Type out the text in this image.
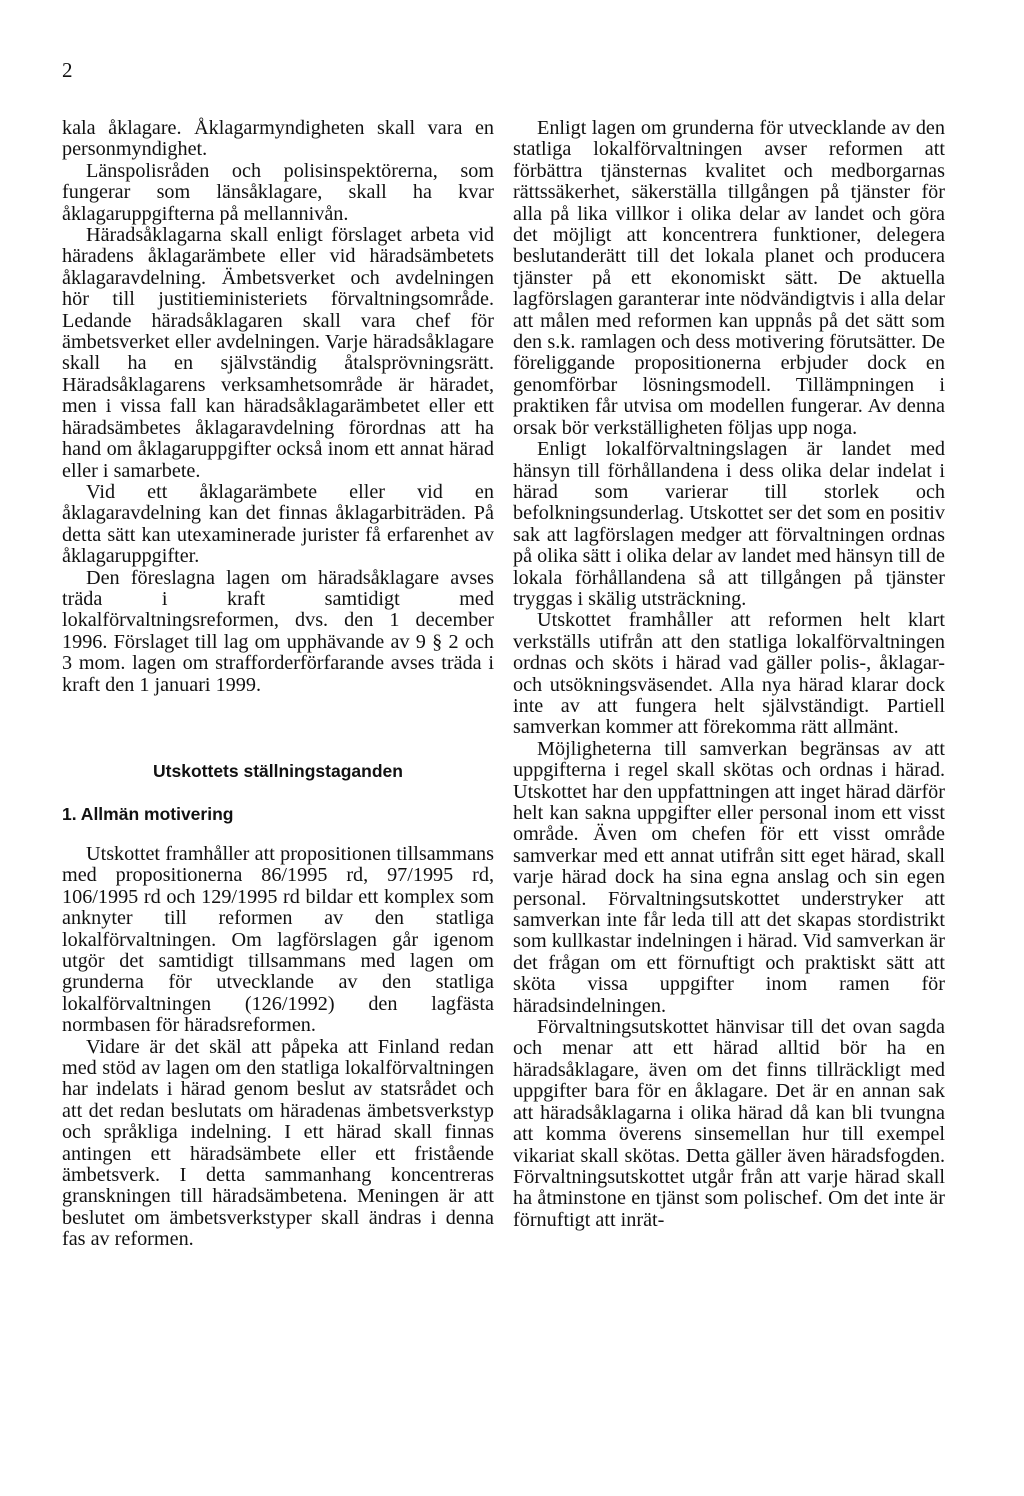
2

kala åklagare. Åklagarmyndigheten skall vara en personmyndighet.

Länspolisråden och polisinspektörerna, som fungerar som länsåklagare, skall ha kvar åklagaruppgifterna på mellannivån.

Häradsåklagarna skall enligt förslaget arbeta vid häradens åklagarämbete eller vid häradsämbetets åklagaravdelning. Ämbetsverket och avdelningen hör till justitieministeriets förvaltningsområde. Ledande häradsåklagaren skall vara chef för ämbetsverket eller avdelningen. Varje häradsåklagare skall ha en självständig åtalsprövningsrätt. Häradsåklagarens verksamhetsområde är häradet, men i vissa fall kan häradsåklagarämbetet eller ett häradsämbetes åklagaravdelning förordnas att ha hand om åklagaruppgifter också inom ett annat härad eller i samarbete.

Vid ett åklagarämbete eller vid en åklagaravdelning kan det finnas åklagarbiträden. På detta sätt kan utexaminerade jurister få erfarenhet av åklagaruppgifter.

Den föreslagna lagen om häradsåklagare avses träda i kraft samtidigt med lokalförvaltningsreformen, dvs. den 1 december 1996. Förslaget till lag om upphävande av 9 § 2 och 3 mom. lagen om strafforderförfarande avses träda i kraft den 1 januari 1999.

Utskottets ställningstaganden
1. Allmän motivering

Utskottet framhåller att propositionen tillsammans med propositionerna 86/1995 rd, 97/1995 rd, 106/1995 rd och 129/1995 rd bildar ett komplex som anknyter till reformen av den statliga lokalförvaltningen. Om lagförslagen går igenom utgör det samtidigt tillsammans med lagen om grunderna för utvecklande av den statliga lokalförvaltningen (126/1992) den lagfästa normbasen för häradsreformen.

Vidare är det skäl att påpeka att Finland redan med stöd av lagen om den statliga lokalförvaltningen har indelats i härad genom beslut av statsrådet och att det redan beslutats om häradenas ämbetsverkstyp och språkliga indelning. I ett härad skall finnas antingen ett häradsämbete eller ett fristående ämbetsverk. I detta sammanhang koncentreras granskningen till häradsämbetena. Meningen är att beslutet om ämbetsverkstyper skall ändras i denna fas av reformen.

Enligt lagen om grunderna för utvecklande av den statliga lokalförvaltningen avser reformen att förbättra tjänsternas kvalitet och medborgarnas rättssäkerhet, säkerställa tillgången på tjänster för alla på lika villkor i olika delar av landet och göra det möjligt att koncentrera funktioner, delegera beslutanderätt till det lokala planet och producera tjänster på ett ekonomiskt sätt. De aktuella lagförslagen garanterar inte nödvändigtvis i alla delar att målen med reformen kan uppnås på det sätt som den s.k. ramlagen och dess motivering förutsätter. De föreliggande propositionerna erbjuder dock en genomförbar lösningsmodell. Tillämpningen i praktiken får utvisa om modellen fungerar. Av denna orsak bör verkställigheten följas upp noga.

Enligt lokalförvaltningslagen är landet med hänsyn till förhållandena i dess olika delar indelat i härad som varierar till storlek och befolkningsunderlag. Utskottet ser det som en positiv sak att lagförslagen medger att förvaltningen ordnas på olika sätt i olika delar av landet med hänsyn till de lokala förhållandena så att tillgången på tjänster tryggas i skälig utsträckning.

Utskottet framhåller att reformen helt klart verkställs utifrån att den statliga lokalförvaltningen ordnas och sköts i härad vad gäller polis-, åklagar- och utsökningsväsendet. Alla nya härad klarar dock inte av att fungera helt självständigt. Partiell samverkan kommer att förekomma rätt allmänt.

Möjligheterna till samverkan begränsas av att uppgifterna i regel skall skötas och ordnas i härad. Utskottet har den uppfattningen att inget härad därför helt kan sakna uppgifter eller personal inom ett visst område. Även om chefen för ett visst område samverkar med ett annat utifrån sitt eget härad, skall varje härad dock ha sina egna anslag och sin egen personal. Förvaltningsutskottet understryker att samverkan inte får leda till att det skapas stordistrikt som kullkastar indelningen i härad. Vid samverkan är det frågan om ett förnuftigt och praktiskt sätt att sköta vissa uppgifter inom ramen för häradsindelningen.

Förvaltningsutskottet hänvisar till det ovan sagda och menar att ett härad alltid bör ha en häradsåklagare, även om det finns tillräckligt med uppgifter bara för en åklagare. Det är en annan sak att häradsåklagarna i olika härad då kan bli tvungna att komma överens sinsemellan hur till exempel vikariat skall skötas. Detta gäller även häradsfogden. Förvaltningsutskottet utgår från att varje härad skall ha åtminstone en tjänst som polischef. Om det inte är förnuftigt att inrät-
